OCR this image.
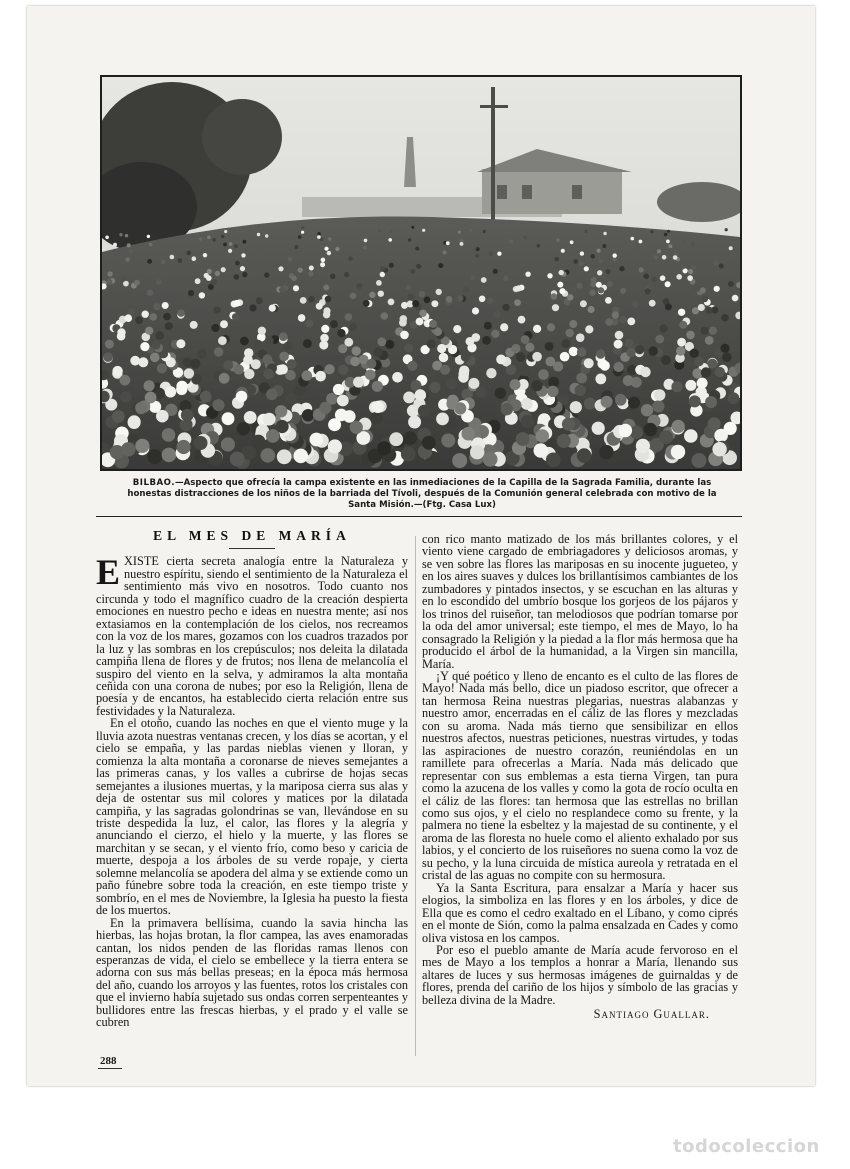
BILBAO.—Aspecto que ofrecía la campa existente en las inmediaciones de la Capilla de la Sagrada Familia, durante las honestas distracciones de los niños de la barriada del Tívoli, después de la Comunión general celebrada con motivo de la Santa Misión.—(Ftg. Casa Lux)
EL MES DE MARÍA

EXISTE cierta secreta analogía entre la Naturaleza y nuestro espíritu, siendo el sentimiento de la Naturaleza el sentimiento más vivo en nosotros. Todo cuanto nos circunda y todo el magnífico cuadro de la creación despierta emociones en nuestro pecho e ideas en nuestra mente; así nos extasiamos en la contemplación de los cielos, nos recreamos con la voz de los mares, gozamos con los cuadros trazados por la luz y las sombras en los crepúsculos; nos deleita la dilatada campiña llena de flores y de frutos; nos llena de melancolía el suspiro del viento en la selva, y admiramos la alta montaña ceñida con una corona de nubes; por eso la Religión, llena de poesía y de encantos, ha establecido cierta relación entre sus festividades y la Naturaleza.

En el otoño, cuando las noches en que el viento muge y la lluvia azota nuestras ventanas crecen, y los días se acortan, y el cielo se empaña, y las pardas nieblas vienen y lloran, y comienza la alta montaña a coronarse de nieves semejantes a las primeras canas, y los valles a cubrirse de hojas secas semejantes a ilusiones muertas, y la mariposa cierra sus alas y deja de ostentar sus mil colores y matices por la dilatada campiña, y las sagradas golondrinas se van, llevándose en su triste despedida la luz, el calor, las flores y la alegría y anunciando el cierzo, el hielo y la muerte, y las flores se marchitan y se secan, y el viento frío, como beso y caricia de muerte, despoja a los árboles de su verde ropaje, y cierta solemne melancolía se apodera del alma y se extiende como un paño fúnebre sobre toda la creación, en este tiempo triste y sombrío, en el mes de Noviembre, la Iglesia ha puesto la fiesta de los muertos.

En la primavera bellísima, cuando la savia hincha las hierbas, las hojas brotan, la flor campea, las aves enamoradas cantan, los nidos penden de las floridas ramas llenos con esperanzas de vida, el cielo se embellece y la tierra entera se adorna con sus más bellas preseas; en la época más hermosa del año, cuando los arroyos y las fuentes, rotos los cristales con que el invierno había sujetado sus ondas corren serpenteantes y bullidores entre las frescas hierbas, y el prado y el valle se cubren

con rico manto matizado de los más brillantes colores, y el viento viene cargado de embriagadores y deliciosos aromas, y se ven sobre las flores las mariposas en su inocente jugueteo, y en los aires suaves y dulces los brillantísimos cambiantes de los zumbadores y pintados insectos, y se escuchan en las alturas y en lo escondido del umbrío bosque los gorjeos de los pájaros y los trinos del ruiseñor, tan melodiosos que podrían tomarse por la oda del amor universal; este tiempo, el mes de Mayo, lo ha consagrado la Religión y la piedad a la flor más hermosa que ha producido el árbol de la humanidad, a la Virgen sin mancilla, María.

¡Y qué poético y lleno de encanto es el culto de las flores de Mayo! Nada más bello, dice un piadoso escritor, que ofrecer a tan hermosa Reina nuestras plegarias, nuestras alabanzas y nuestro amor, encerradas en el cáliz de las flores y mezcladas con su aroma. Nada más tierno que sensibilizar en ellos nuestros afectos, nuestras peticiones, nuestras virtudes, y todas las aspiraciones de nuestro corazón, reuniéndolas en un ramillete para ofrecerlas a María. Nada más delicado que representar con sus emblemas a esta tierna Virgen, tan pura como la azucena de los valles y como la gota de rocío oculta en el cáliz de las flores: tan hermosa que las estrellas no brillan como sus ojos, y el cielo no resplandece como su frente, y la palmera no tiene la esbeltez y la majestad de su continente, y el aroma de las floresta no huele como el aliento exhalado por sus labios, y el concierto de los ruiseñores no suena como la voz de su pecho, y la luna circuida de mística aureola y retratada en el cristal de las aguas no compite con su hermosura.

Ya la Santa Escritura, para ensalzar a María y hacer sus elogios, la simboliza en las flores y en los árboles, y dice de Ella que es como el cedro exaltado en el Líbano, y como ciprés en el monte de Sión, como la palma ensalzada en Cades y como oliva vistosa en los campos.

Por eso el pueblo amante de María acude fervoroso en el mes de Mayo a los templos a honrar a María, llenando sus altares de luces y sus hermosas imágenes de guirnaldas y de flores, prenda del cariño de los hijos y símbolo de las gracias y belleza divina de la Madre.

Santiago Guallar.
288
todocoleccion
